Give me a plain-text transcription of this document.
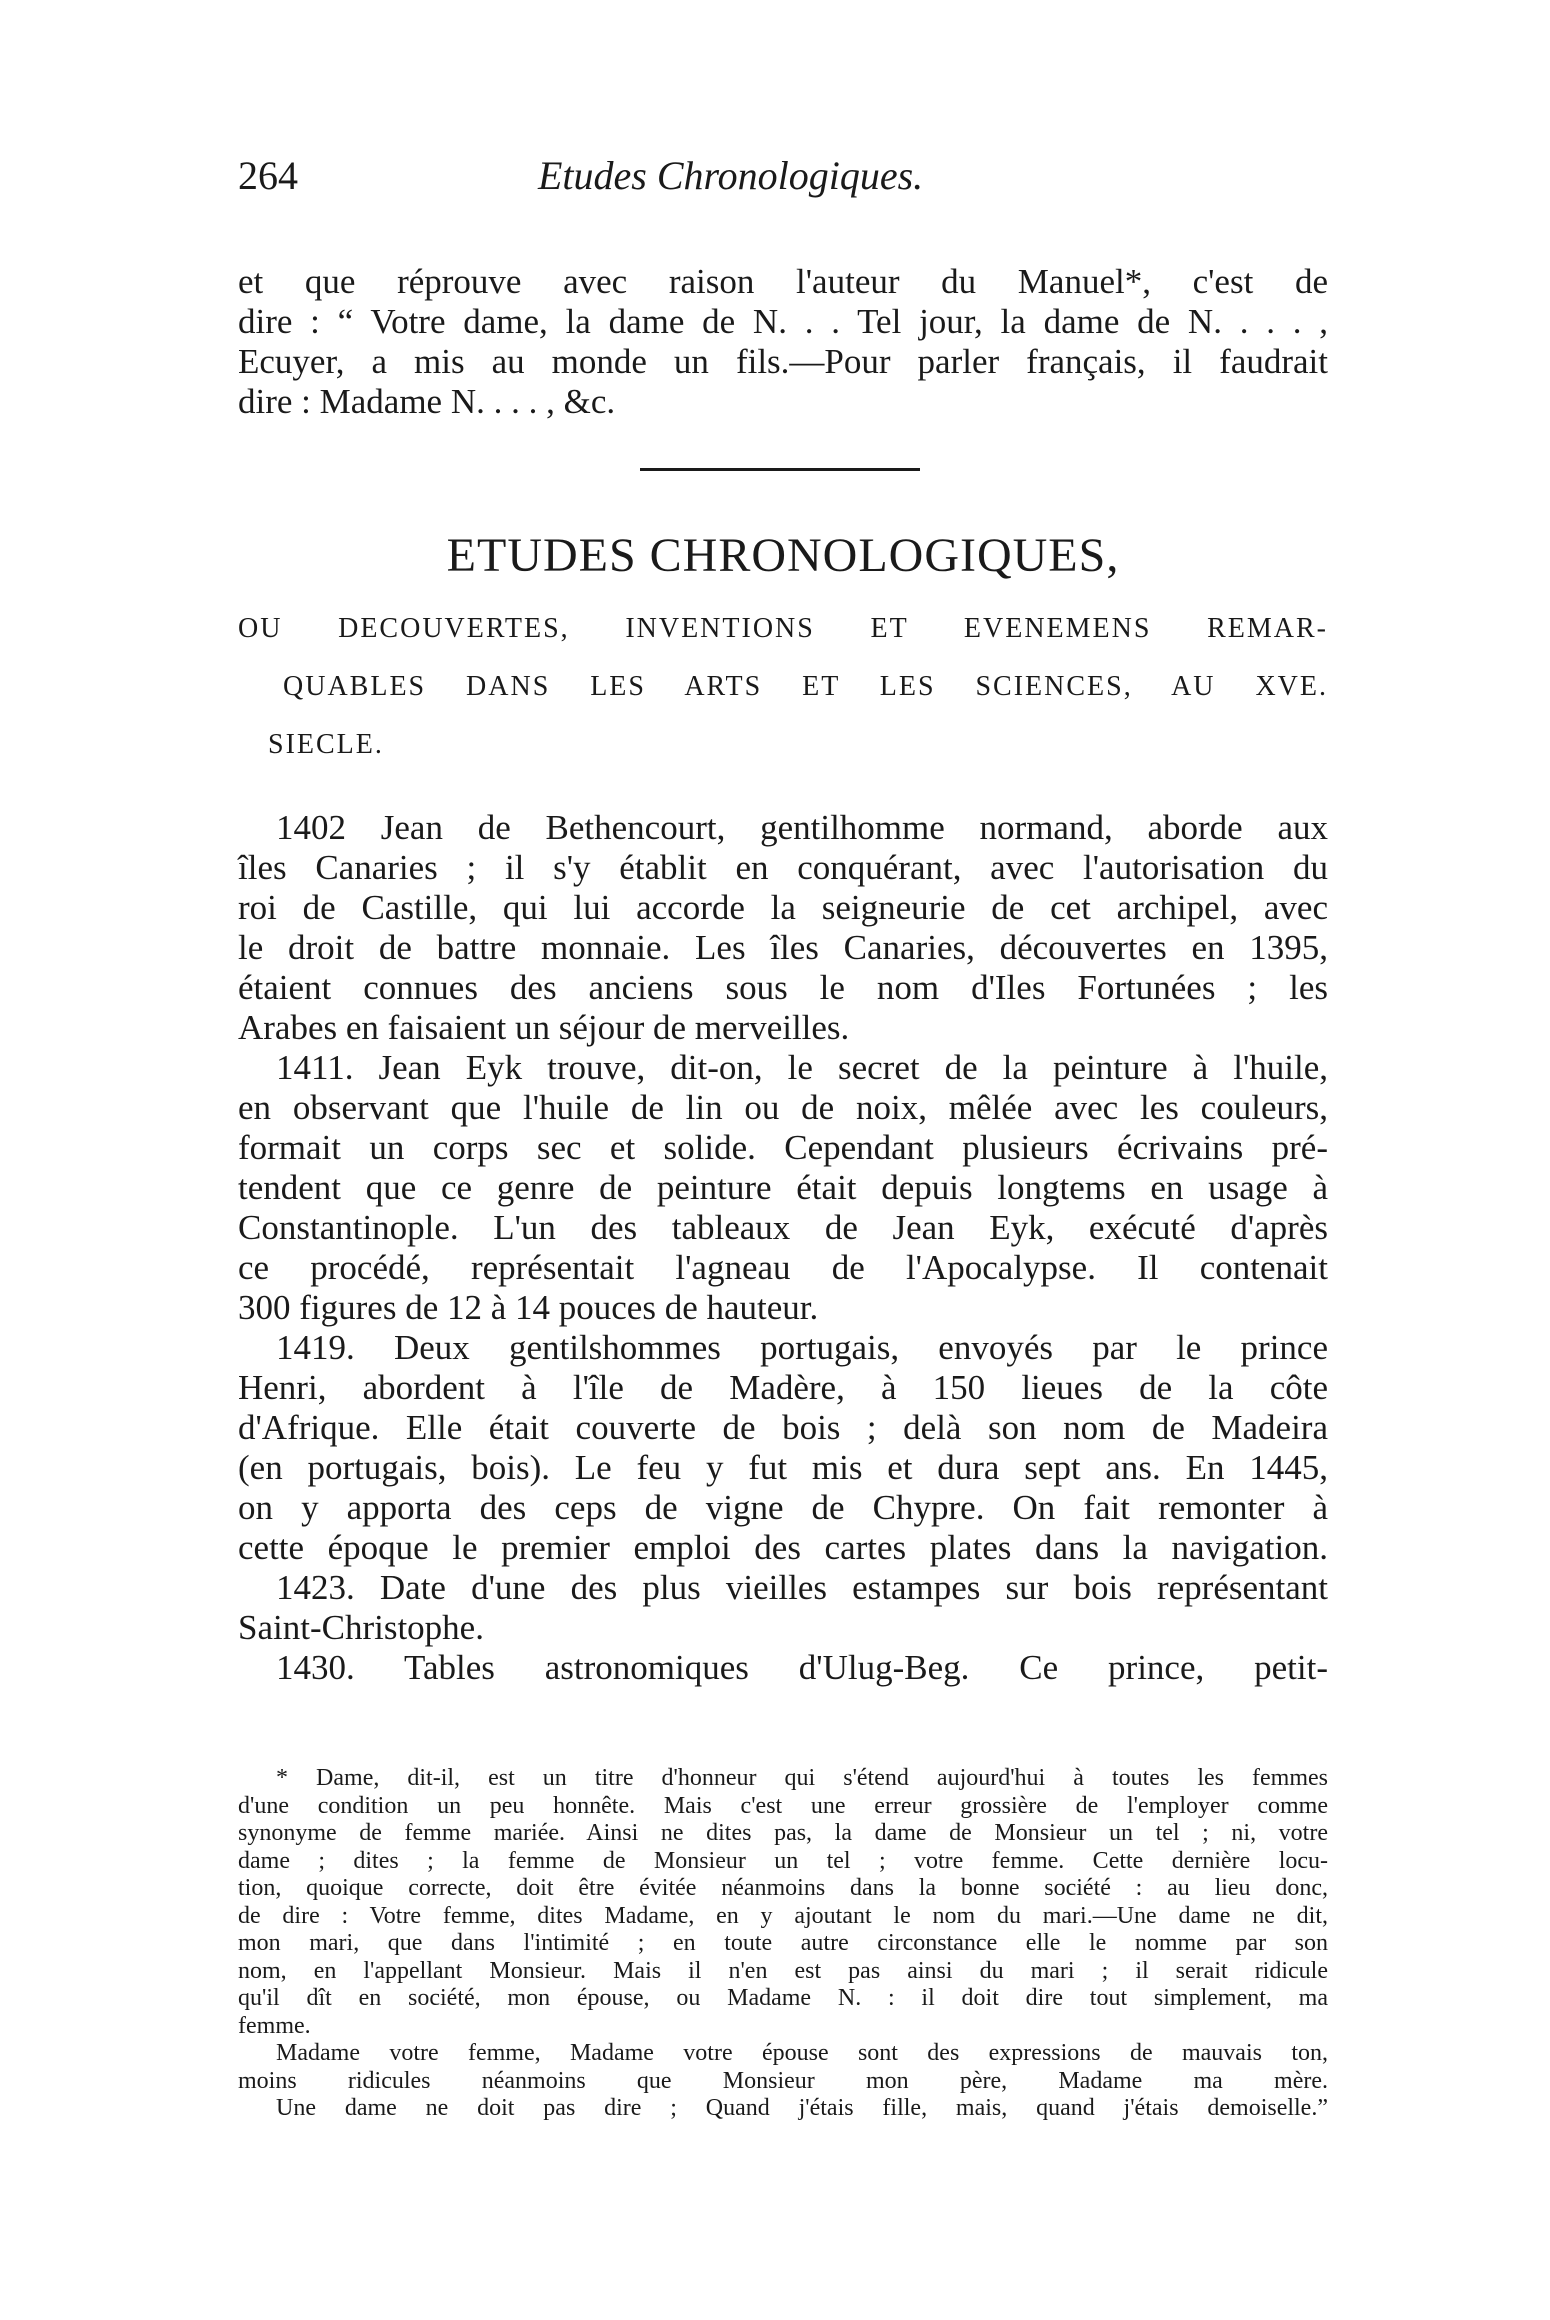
264	Etudes Chronologiques.
et que réprouve avec raison l'auteur du Manuel*, c'est de
dire : “ Votre dame, la dame de N. . . Tel jour, la dame de N. . . . ,
Ecuyer, a mis au monde un fils.—Pour parler français, il faudrait
dire : Madame N. . . . , &c.
ETUDES CHRONOLOGIQUES,
OU DECOUVERTES, INVENTIONS ET EVENEMENS REMAR-
QUABLES DANS LES ARTS ET LES SCIENCES, AU XVE.
SIECLE.
1402 Jean de Bethencourt, gentilhomme normand, aborde aux
îles Canaries ; il s'y établit en conquérant, avec l'autorisation du
roi de Castille, qui lui accorde la seigneurie de cet archipel, avec
le droit de battre monnaie. Les îles Canaries, découvertes en 1395,
étaient connues des anciens sous le nom d'Iles Fortunées ; les
Arabes en faisaient un séjour de merveilles.
1411. Jean Eyk trouve, dit-on, le secret de la peinture à l'huile,
en observant que l'huile de lin ou de noix, mêlée avec les couleurs,
formait un corps sec et solide. Cependant plusieurs écrivains pré-
tendent que ce genre de peinture était depuis longtems en usage à
Constantinople. L'un des tableaux de Jean Eyk, exécuté d'après
ce procédé, représentait l'agneau de l'Apocalypse. Il contenait
300 figures de 12 à 14 pouces de hauteur.
1419. Deux gentilshommes portugais, envoyés par le prince
Henri, abordent à l'île de Madère, à 150 lieues de la côte
d'Afrique. Elle était couverte de bois ; delà son nom de Madeira
(en portugais, bois). Le feu y fut mis et dura sept ans. En 1445,
on y apporta des ceps de vigne de Chypre. On fait remonter à
cette époque le premier emploi des cartes plates dans la navigation.
1423. Date d'une des plus vieilles estampes sur bois représentant
Saint-Christophe.
1430. Tables astronomiques d'Ulug-Beg. Ce prince, petit-
* Dame, dit-il, est un titre d'honneur qui s'étend aujourd'hui à toutes les femmes
d'une condition un peu honnête. Mais c'est une erreur grossière de l'employer comme
synonyme de femme mariée. Ainsi ne dites pas, la dame de Monsieur un tel ; ni, votre
dame ; dites ; la femme de Monsieur un tel ; votre femme. Cette dernière locu-
tion, quoique correcte, doit être évitée néanmoins dans la bonne société : au lieu donc,
de dire : Votre femme, dites Madame, en y ajoutant le nom du mari.—Une dame ne dit,
mon mari, que dans l'intimité ; en toute autre circonstance elle le nomme par son
nom, en l'appellant Monsieur. Mais il n'en est pas ainsi du mari ; il serait ridicule
qu'il dît en société, mon épouse, ou Madame N. : il doit dire tout simplement, ma
femme.
Madame votre femme, Madame votre épouse sont des expressions de mauvais ton,
moins ridicules néanmoins que Monsieur mon père, Madame ma mère.
Une dame ne doit pas dire ; Quand j'étais fille, mais, quand j'étais demoiselle.”
